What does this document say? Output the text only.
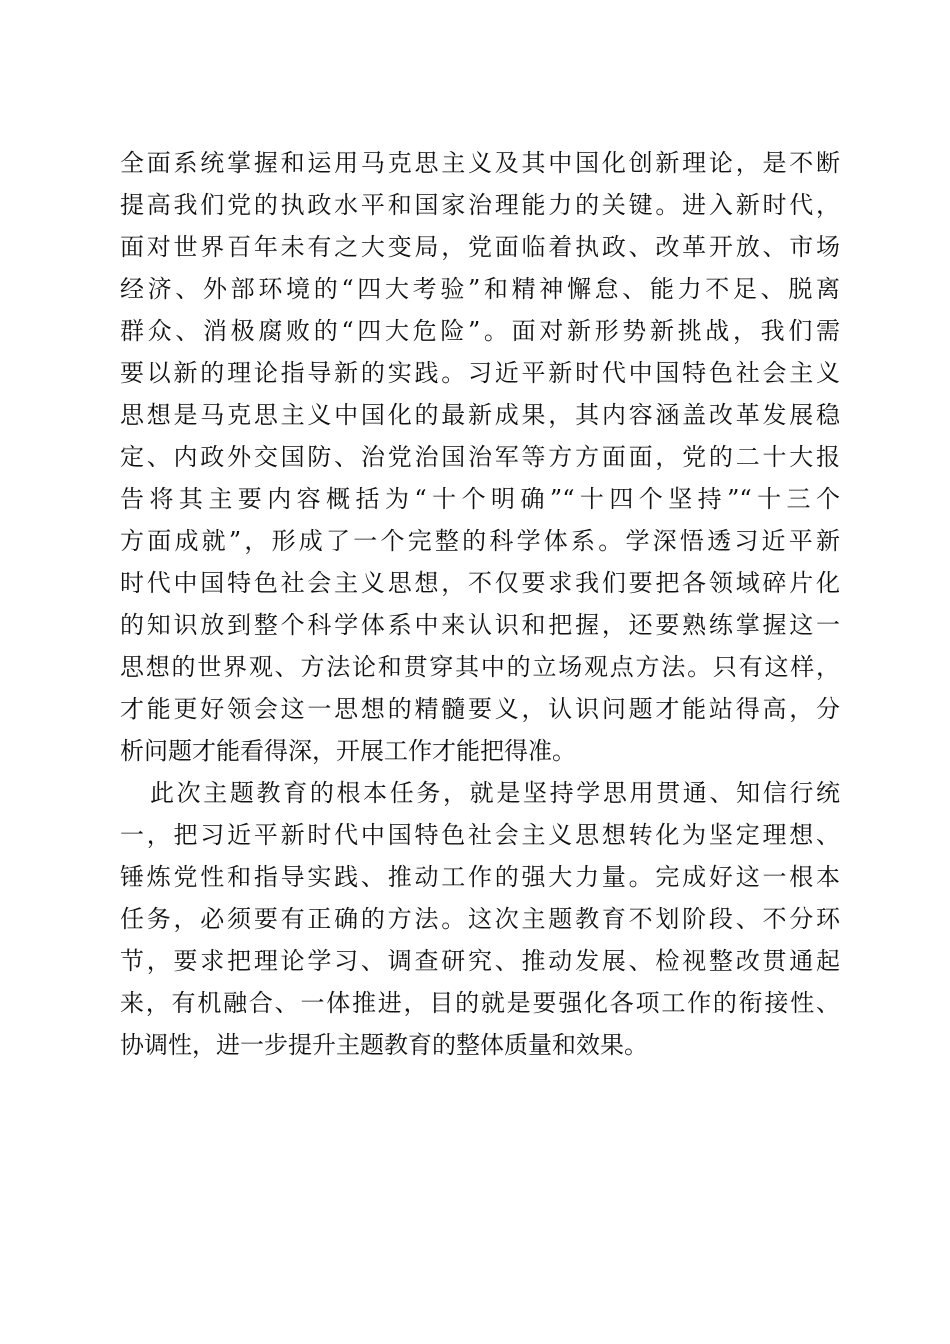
全面系统掌握和运用马克思主义及其中国化创新理论，是不断
提高我们党的执政水平和国家治理能力的关键。进入新时代，
面对世界百年未有之大变局，党面临着执政、改革开放、市场
经济、外部环境的“四大考验”和精神懈怠、能力不足、脱离
群众、消极腐败的“四大危险”。面对新形势新挑战，我们需
要以新的理论指导新的实践。习近平新时代中国特色社会主义
思想是马克思主义中国化的最新成果，其内容涵盖改革发展稳
定、内政外交国防、治党治国治军等方方面面，党的二十大报
告将其主要内容概括为“十个明确”“十四个坚持”“十三个
方面成就”，形成了一个完整的科学体系。学深悟透习近平新
时代中国特色社会主义思想，不仅要求我们要把各领域碎片化
的知识放到整个科学体系中来认识和把握，还要熟练掌握这一
思想的世界观、方法论和贯穿其中的立场观点方法。只有这样，
才能更好领会这一思想的精髓要义，认识问题才能站得高，分
析问题才能看得深，开展工作才能把得准。
此次主题教育的根本任务，就是坚持学思用贯通、知信行统
一，把习近平新时代中国特色社会主义思想转化为坚定理想、
锤炼党性和指导实践、推动工作的强大力量。完成好这一根本
任务，必须要有正确的方法。这次主题教育不划阶段、不分环
节，要求把理论学习、调查研究、推动发展、检视整改贯通起
来，有机融合、一体推进，目的就是要强化各项工作的衔接性、
协调性，进一步提升主题教育的整体质量和效果。
